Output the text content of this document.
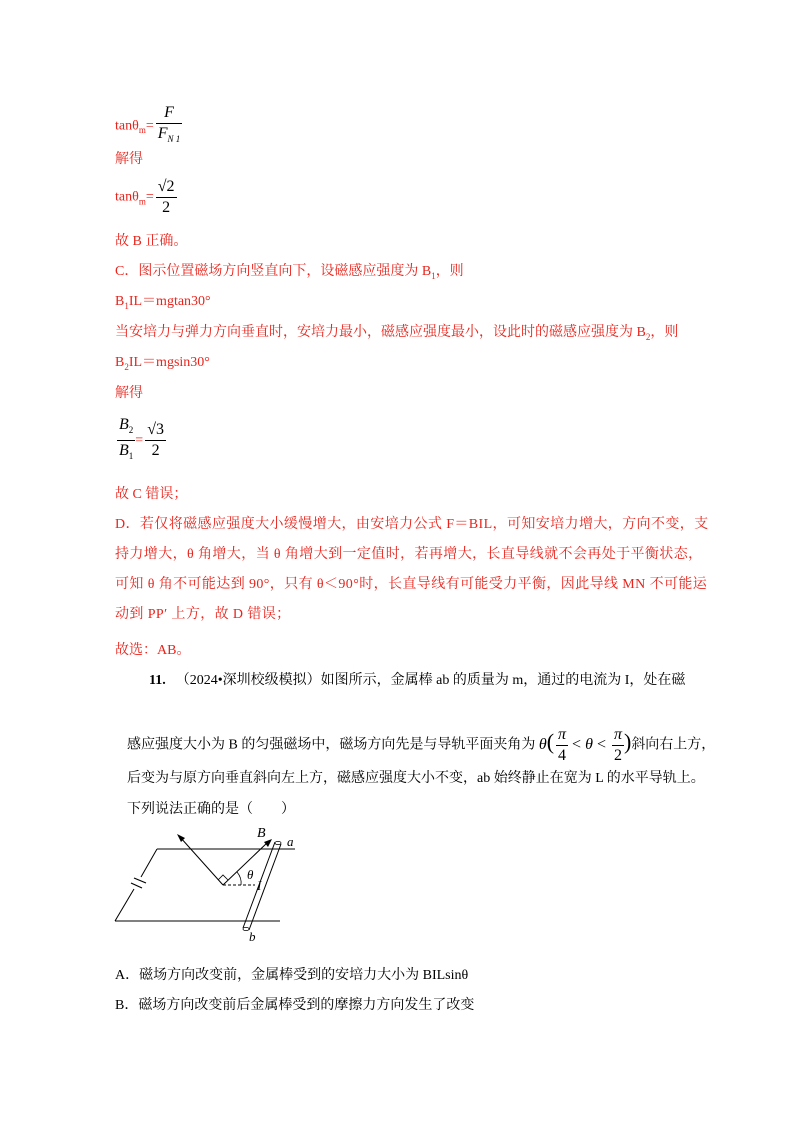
$\tan\theta_m= \frac{F}{F_{N 1}}$
解得
$\tan\theta_m= \frac{√2}{2}$
故 B 正确。
C．图示位置磁场方向竖直向下，设磁感应强度为 $B_1$，则
$B_1IL=mgtan30^\circ$
当安培力与弹力方向垂直时，安培力最小，磁感应强度最小，设此时的磁感应强度为 $B_2$，则
$B_2IL=mgsin30^\circ$
解得
$\frac{B_2}{B_1} = \frac{√3}{2}$
故 C 错误；
D．若仅将磁感应强度大小缓慢增大，由安培力公式 F＝BIL，可知安培力增大，方向不变，支持力增大，θ 角增大，当 θ 角增大到一定值时，若再增大，长直导线就不会再处于平衡状态，可知 θ 角不可能达到 90°，只有 θ＜90°时，长直导线有可能受力平衡，因此导线 MN 不可能运动到 PP′ 上方，故 D 错误；
故选：AB。
11. （2024•深圳校级模拟）如图所示，金属棒 ab 的质量为 m，通过的电流为 I，处在磁
感应强度大小为 B 的匀强磁场中，磁场方向先是与导轨平面夹角为 $\theta( \frac{\pi}{4} < \theta < \frac{\pi}{2}$ )斜向右上方，
后变为与原方向垂直斜向左上方，磁感应强度大小不变，ab 始终静止在宽为 L 的水平导轨上。
下列说法正确的是（　　）
B
a
b
I
θ
A．磁场方向改变前，金属棒受到的安培力大小为 BILsinθ
B．磁场方向改变前后金属棒受到的摩擦力方向发生了改变
